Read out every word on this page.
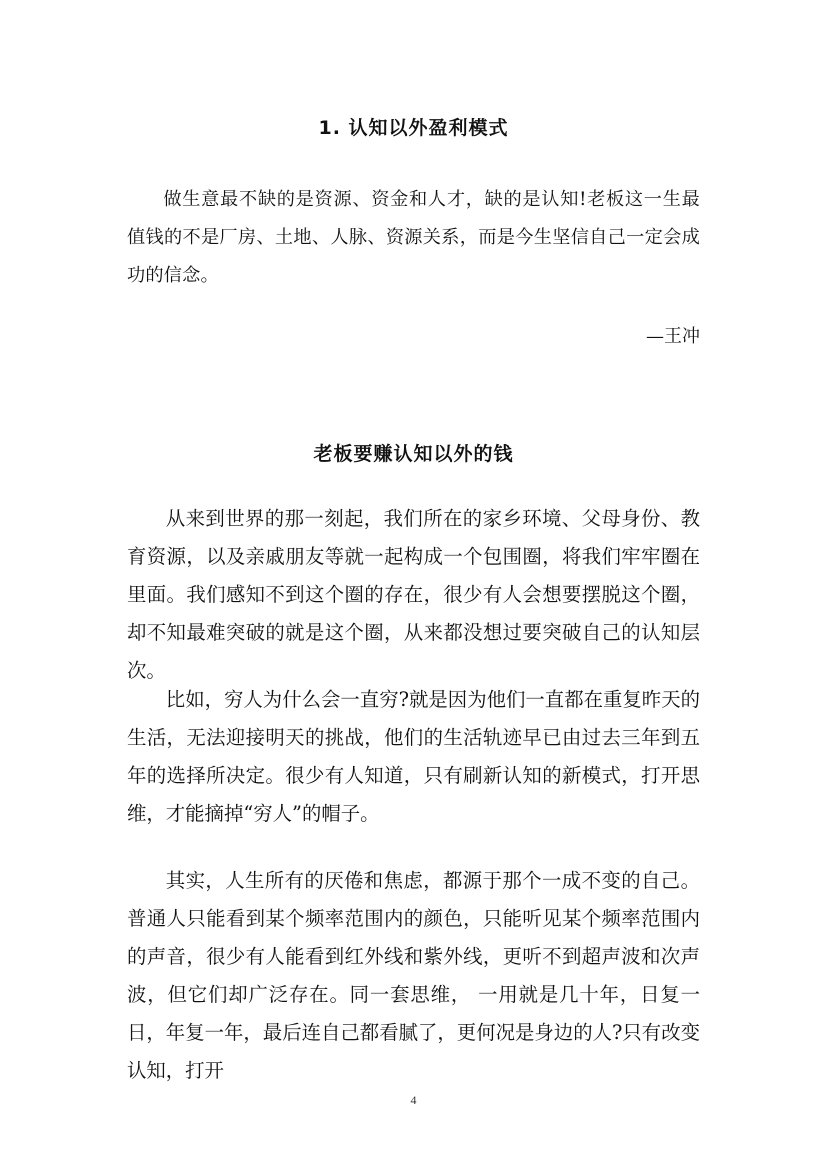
1. 认知以外盈利模式

做生意最不缺的是资源、资金和人才，缺的是认知!老板这一生最值钱的不是厂房、土地、人脉、资源关系，而是今生坚信自己一定会成功的信念。

—王冲

老板要赚认知以外的钱

从来到世界的那一刻起，我们所在的家乡环境、父母身份、教育资源，以及亲戚朋友等就一起构成一个包围圈，将我们牢牢圈在里面。我们感知不到这个圈的存在，很少有人会想要摆脱这个圈，却不知最难突破的就是这个圈，从来都没想过要突破自己的认知层次。

比如，穷人为什么会一直穷?就是因为他们一直都在重复昨天的生活，无法迎接明天的挑战，他们的生活轨迹早已由过去三年到五年的选择所决定。很少有人知道，只有刷新认知的新模式，打开思维，才能摘掉“穷人”的帽子。

其实，人生所有的厌倦和焦虑，都源于那个一成不变的自己。普通人只能看到某个频率范围内的颜色，只能听见某个频率范围内的声音，很少有人能看到红外线和紫外线，更听不到超声波和次声波，但它们却广泛存在。同一套思维， 一用就是几十年，日复一日，年复一年，最后连自己都看腻了，更何况是身边的人?只有改变认知，打开

4
